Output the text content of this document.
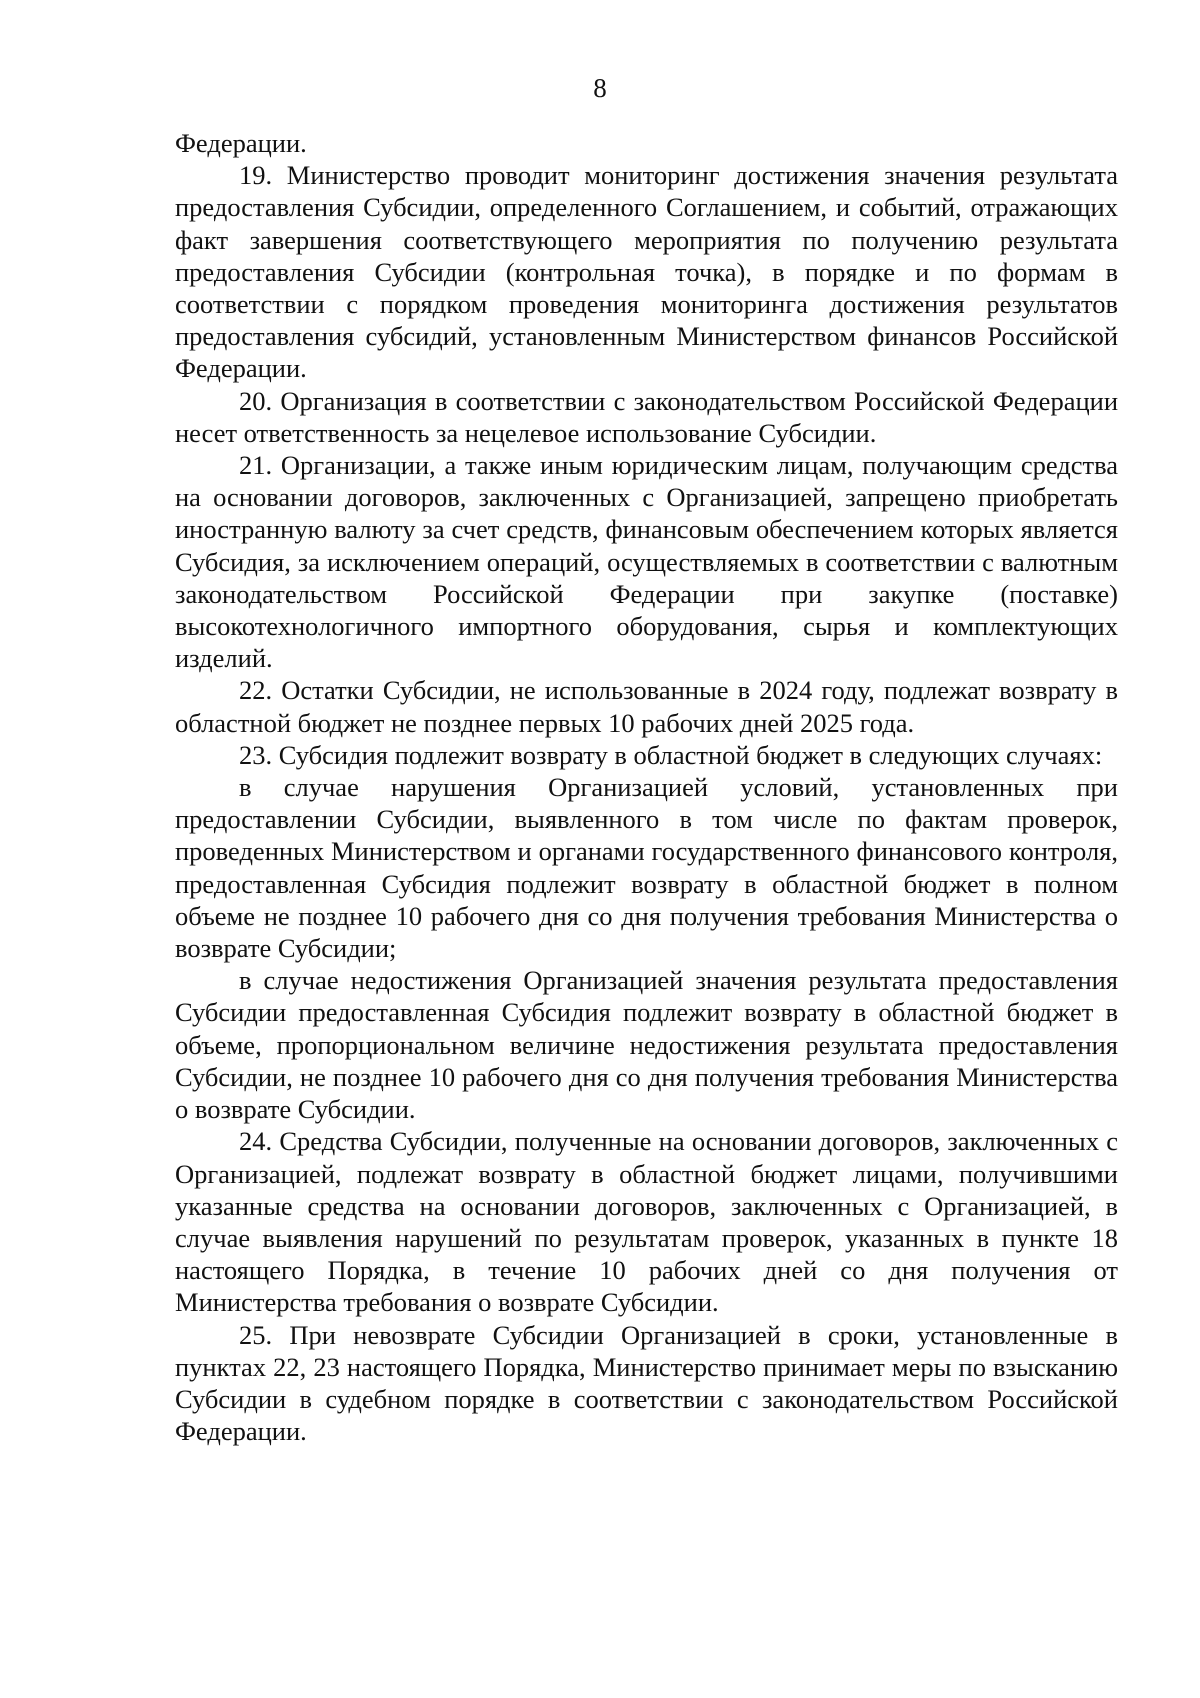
8

Федерации.

19. Министерство проводит мониторинг достижения значения результата предоставления Субсидии, определенного Соглашением, и событий, отражающих факт завершения соответствующего мероприятия по получению результата предоставления Субсидии (контрольная точка), в порядке и по формам в соответствии с порядком проведения мониторинга достижения результатов предоставления субсидий, установленным Министерством финансов Российской Федерации.

20. Организация в соответствии с законодательством Российской Федерации несет ответственность за нецелевое использование Субсидии.

21. Организации, а также иным юридическим лицам, получающим средства на основании договоров, заключенных с Организацией, запрещено приобретать иностранную валюту за счет средств, финансовым обеспечением которых является Субсидия, за исключением операций, осуществляемых в соответствии с валютным законодательством Российской Федерации при закупке (поставке) высокотехнологичного импортного оборудования, сырья и комплектующих изделий.

22. Остатки Субсидии, не использованные в 2024 году, подлежат возврату в областной бюджет не позднее первых 10 рабочих дней 2025 года.

23. Субсидия подлежит возврату в областной бюджет в следующих случаях:

в случае нарушения Организацией условий, установленных при предоставлении Субсидии, выявленного в том числе по фактам проверок, проведенных Министерством и органами государственного финансового контроля, предоставленная Субсидия подлежит возврату в областной бюджет в полном объеме не позднее 10 рабочего дня со дня получения требования Министерства о возврате Субсидии;

в случае недостижения Организацией значения результата предоставления Субсидии предоставленная Субсидия подлежит возврату в областной бюджет в объеме, пропорциональном величине недостижения результата предоставления Субсидии, не позднее 10 рабочего дня со дня получения требования Министерства о возврате Субсидии.

24. Средства Субсидии, полученные на основании договоров, заключенных с Организацией, подлежат возврату в областной бюджет лицами, получившими указанные средства на основании договоров, заключенных с Организацией, в случае выявления нарушений по результатам проверок, указанных в пункте 18 настоящего Порядка, в течение 10 рабочих дней со дня получения от Министерства требования о возврате Субсидии.

25. При невозврате Субсидии Организацией в сроки, установленные в пунктах 22, 23 настоящего Порядка, Министерство принимает меры по взысканию Субсидии в судебном порядке в соответствии с законодательством Российской Федерации.
